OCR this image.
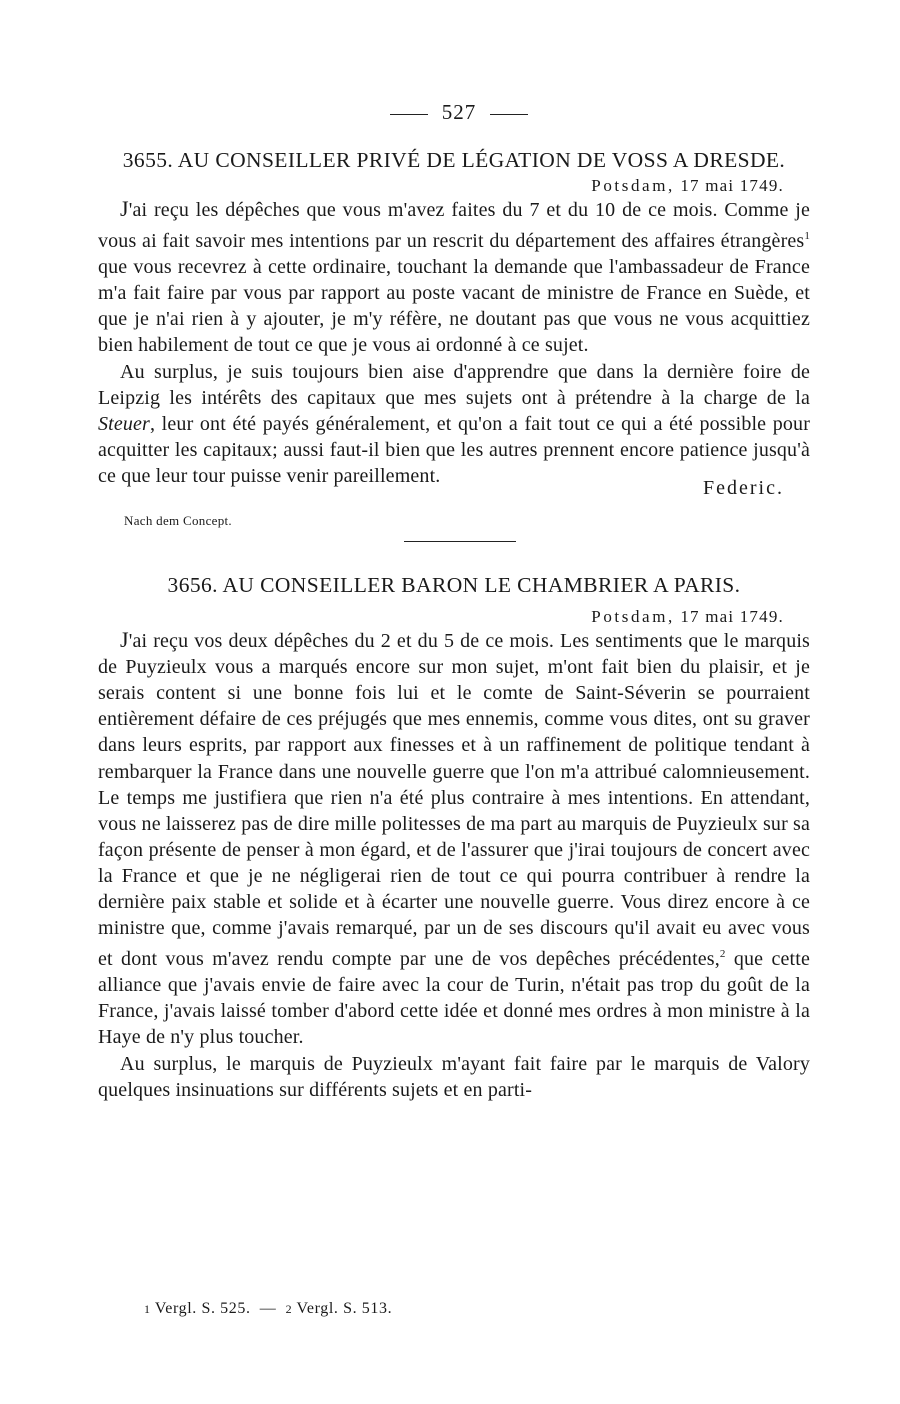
527
3655. AU CONSEILLER PRIVÉ DE LÉGATION DE VOSS A DRESDE.
Potsdam, 17 mai 1749.

J'ai reçu les dépêches que vous m'avez faites du 7 et du 10 de ce mois. Comme je vous ai fait savoir mes intentions par un rescrit du département des affaires étrangères$^1$ que vous recevrez à cette ordinaire, touchant la demande que l'ambassadeur de France m'a fait faire par vous par rapport au poste vacant de ministre de France en Suède, et que je n'ai rien à y ajouter, je m'y réfère, ne doutant pas que vous ne vous acquittiez bien habilement de tout ce que je vous ai ordonné à ce sujet.

Au surplus, je suis toujours bien aise d'apprendre que dans la dernière foire de Leipzig les intérêts des capitaux que mes sujets ont à prétendre à la charge de la Steuer, leur ont été payés généralement, et qu'on a fait tout ce qui a été possible pour acquitter les capitaux; aussi faut-il bien que les autres prennent encore patience jusqu'à ce que leur tour puisse venir pareillement.

Federic.
Nach dem Concept.
3656. AU CONSEILLER BARON LE CHAMBRIER A PARIS.
Potsdam, 17 mai 1749.

J'ai reçu vos deux dépêches du 2 et du 5 de ce mois. Les sentiments que le marquis de Puyzieulx vous a marqués encore sur mon sujet, m'ont fait bien du plaisir, et je serais content si une bonne fois lui et le comte de Saint-Séverin se pourraient entièrement défaire de ces préjugés que mes ennemis, comme vous dites, ont su graver dans leurs esprits, par rapport aux finesses et à un raffinement de politique tendant à rembarquer la France dans une nouvelle guerre que l'on m'a attribué calomnieusement. Le temps me justifiera que rien n'a été plus contraire à mes intentions. En attendant, vous ne laisserez pas de dire mille politesses de ma part au marquis de Puyzieulx sur sa façon présente de penser à mon égard, et de l'assurer que j'irai toujours de concert avec la France et que je ne négligerai rien de tout ce qui pourra contribuer à rendre la dernière paix stable et solide et à écarter une nouvelle guerre. Vous direz encore à ce ministre que, comme j'avais remarqué, par un de ses discours qu'il avait eu avec vous et dont vous m'avez rendu compte par une de vos depêches précédentes,$^2$ que cette alliance que j'avais envie de faire avec la cour de Turin, n'était pas trop du goût de la France, j'avais laissé tomber d'abord cette idée et donné mes ordres à mon ministre à la Haye de n'y plus toucher.

Au surplus, le marquis de Puyzieulx m'ayant fait faire par le marquis de Valory quelques insinuations sur différents sujets et en parti-

1 Vergl. S. 525.  —  2 Vergl. S. 513.
